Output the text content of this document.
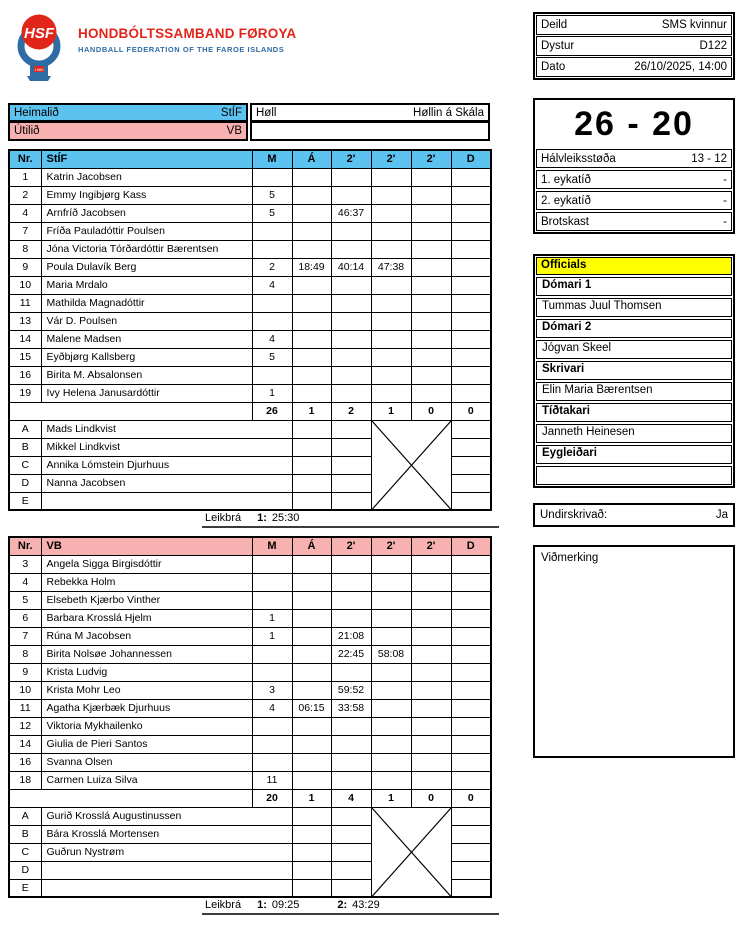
HSF
1980
HONDBÓLTSSAMBAND FØROYA
HANDBALL FEDERATION OF THE FAROE ISLANDS
Deild	SMS kvinnur
Dystur	D122
Dato	26/10/2025, 14:00
26 - 20
Hálvleiksstøða	13 - 12
1. eykatíð	-
2. eykatíð	-
Brotskast	-
Officials
Dómari 1
Tummas Juul Thomsen
Dómari 2
Jógvan Skeel
Skrivari
Elin Maria Bærentsen
Tíðtakari
Janneth Heinesen
Eygleiðari
Undirskrivað:	Ja
Viðmerking
Heimalið	StÍF Høll	Høllin á Skála
Útilið	VB
Nr.	StÍF	M	Á	2'	2'	2'	D
1	Katrin Jacobsen						
2	Emmy Ingibjørg Kass	5					
4	Arnfríð Jacobsen	5		46:37			
7	Fríða Pauladóttir Poulsen						
8	Jóna Victoria Tórðardóttir Bærentsen						
9	Poula Dulavík Berg	2	18:49	40:14	47:38		
10	Maria Mrdalo	4					
11	Mathilda Magnadóttir						
13	Vár D. Poulsen						
14	Malene Madsen	4					
15	Eyðbjørg Kallsberg	5					
16	Birita M. Absalonsen						
19	Ivy Helena Janusardóttir	1					
		26	1	2	1	0	0
A	Mads Lindkvist			

B	Mikkel Lindkvist						
C	Annika Lómstein Djurhuus						
D	Nanna Jacobsen						
E							
Leikbrá 1: 25:30
Nr.	VB	M	Á	2'	2'	2'	D
3	Angela Sigga Birgisdóttir						
4	Rebekka Holm						
5	Elsebeth Kjærbo Vinther						
6	Barbara Krosslá Hjelm	1					
7	Rúna M Jacobsen	1		21:08			
8	Birita Nolsøe Johannessen			22:45	58:08		
9	Krista Ludvig						
10	Krista Mohr Leo	3		59:52			
11	Agatha Kjærbæk Djurhuus	4	06:15	33:58			
12	Viktoria Mykhailenko						
14	Giulia de Pieri Santos						
16	Svanna Olsen						
18	Carmen Luiza Silva	11					
		20	1	4	1	0	0
A	Gurið Krosslá Augustinussen			

B	Bára Krosslá Mortensen						
C	Guðrun Nystrøm						
D							
E							
Leikbrá 1: 09:25	2: 43:29
